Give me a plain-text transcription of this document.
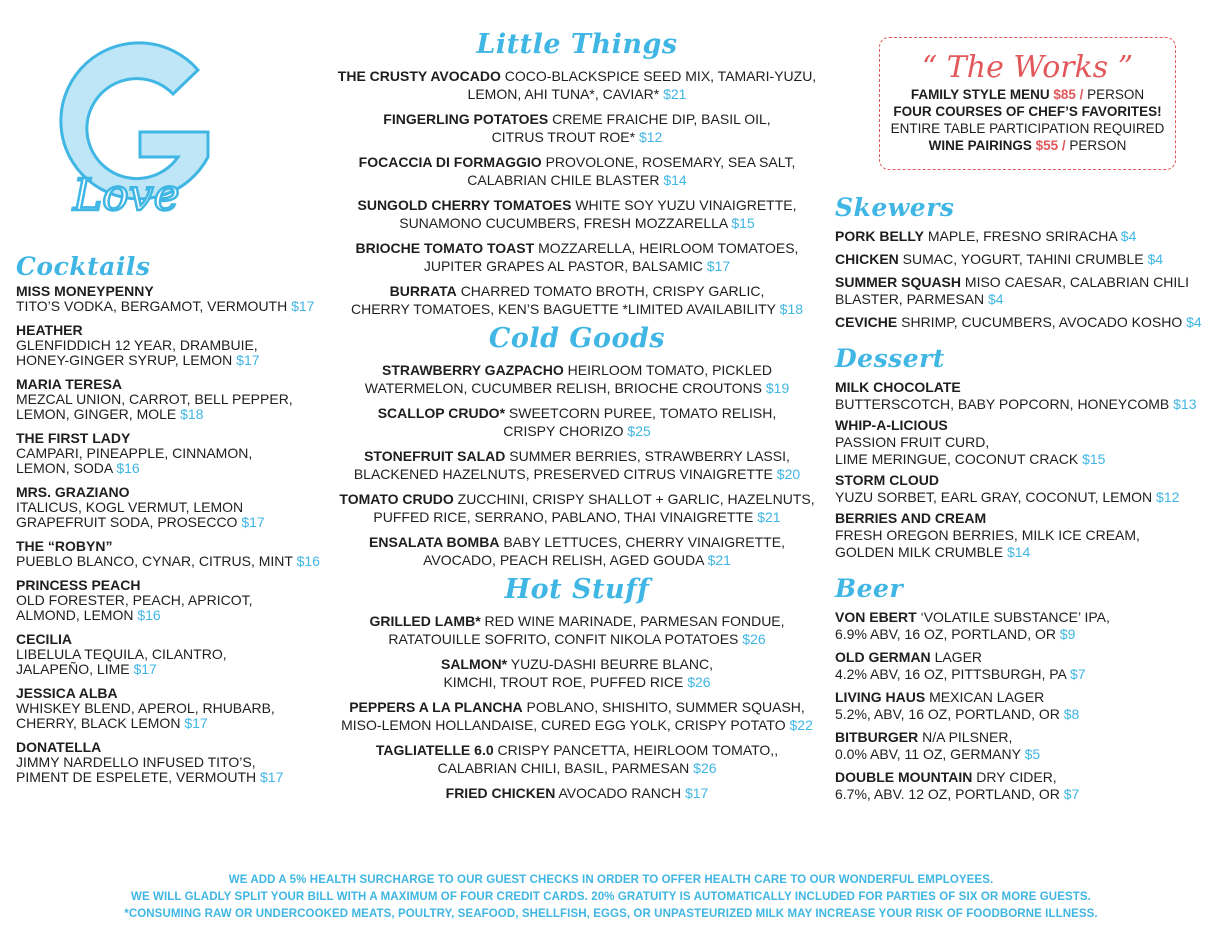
Love
Cocktails
MISS MONEYPENNY
TITO’S VODKA, BERGAMOT, VERMOUTH $17
HEATHER
GLENFIDDICH 12 YEAR, DRAMBUIE,
HONEY-GINGER SYRUP, LEMON $17
MARIA TERESA
MEZCAL UNION, CARROT, BELL PEPPER,
LEMON, GINGER, MOLE $18
THE FIRST LADY
CAMPARI, PINEAPPLE, CINNAMON,
LEMON, SODA $16
MRS. GRAZIANO
ITALICUS, KOGL VERMUT, LEMON
GRAPEFRUIT SODA, PROSECCO $17
THE “ROBYN”
PUEBLO BLANCO, CYNAR, CITRUS, MINT $16
PRINCESS PEACH
OLD FORESTER, PEACH, APRICOT,
ALMOND, LEMON $16
CECILIA
LIBELULA TEQUILA, CILANTRO,
JALAPEÑO, LIME $17
JESSICA ALBA
WHISKEY BLEND, APEROL, RHUBARB,
CHERRY, BLACK LEMON $17
DONATELLA
JIMMY NARDELLO INFUSED TITO’S,
PIMENT DE ESPELETE, VERMOUTH $17
Little Things
THE CRUSTY AVOCADO COCO-BLACKSPICE SEED MIX, TAMARI-YUZU,
LEMON, AHI TUNA*, CAVIAR* $21
FINGERLING POTATOES CREME FRAICHE DIP, BASIL OIL,
CITRUS TROUT ROE* $12
FOCACCIA DI FORMAGGIO PROVOLONE, ROSEMARY, SEA SALT,
CALABRIAN CHILE BLASTER $14
SUNGOLD CHERRY TOMATOES WHITE SOY YUZU VINAIGRETTE,
SUNAMONO CUCUMBERS, FRESH MOZZARELLA $15
BRIOCHE TOMATO TOAST MOZZARELLA, HEIRLOOM TOMATOES,
JUPITER GRAPES AL PASTOR, BALSAMIC $17
BURRATA CHARRED TOMATO BROTH, CRISPY GARLIC,
CHERRY TOMATOES, KEN’S BAGUETTE *LIMITED AVAILABILITY $18
Cold Goods
STRAWBERRY GAZPACHO HEIRLOOM TOMATO, PICKLED
WATERMELON, CUCUMBER RELISH, BRIOCHE CROUTONS $19
SCALLOP CRUDO* SWEETCORN PUREE, TOMATO RELISH,
CRISPY CHORIZO $25
STONEFRUIT SALAD SUMMER BERRIES, STRAWBERRY LASSI,
BLACKENED HAZELNUTS, PRESERVED CITRUS VINAIGRETTE $20
TOMATO CRUDO ZUCCHINI, CRISPY SHALLOT + GARLIC, HAZELNUTS,
PUFFED RICE, SERRANO, PABLANO, THAI VINAIGRETTE $21
ENSALATA BOMBA BABY LETTUCES, CHERRY VINAIGRETTE,
AVOCADO, PEACH RELISH, AGED GOUDA $21
Hot Stuff
GRILLED LAMB* RED WINE MARINADE, PARMESAN FONDUE,
RATATOUILLE SOFRITO, CONFIT NIKOLA POTATOES $26
SALMON* YUZU-DASHI BEURRE BLANC,
KIMCHI, TROUT ROE, PUFFED RICE $26
PEPPERS A LA PLANCHA POBLANO, SHISHITO, SUMMER SQUASH,
MISO-LEMON HOLLANDAISE, CURED EGG YOLK, CRISPY POTATO $22
TAGLIATELLE 6.0 CRISPY PANCETTA, HEIRLOOM TOMATO,,
CALABRIAN CHILI, BASIL, PARMESAN $26
FRIED CHICKEN AVOCADO RANCH $17
“ The Works ”
FAMILY STYLE MENU $85 / PERSON
FOUR COURSES OF CHEF’S FAVORITES!
ENTIRE TABLE PARTICIPATION REQUIRED
WINE PAIRINGS $55 / PERSON
Skewers
PORK BELLY MAPLE, FRESNO SRIRACHA $4
CHICKEN SUMAC, YOGURT, TAHINI CRUMBLE $4
SUMMER SQUASH MISO CAESAR, CALABRIAN CHILI
BLASTER, PARMESAN $4
CEVICHE SHRIMP, CUCUMBERS, AVOCADO KOSHO $4
Dessert
MILK CHOCOLATE
BUTTERSCOTCH, BABY POPCORN, HONEYCOMB $13
WHIP-A-LICIOUS
PASSION FRUIT CURD,
LIME MERINGUE, COCONUT CRACK $15
STORM CLOUD
YUZU SORBET, EARL GRAY, COCONUT, LEMON $12
BERRIES AND CREAM
FRESH OREGON BERRIES, MILK ICE CREAM,
GOLDEN MILK CRUMBLE $14
Beer
VON EBERT ‘VOLATILE SUBSTANCE’ IPA,
6.9% ABV, 16 OZ, PORTLAND, OR $9
OLD GERMAN LAGER
4.2% ABV, 16 OZ, PITTSBURGH, PA $7
LIVING HAUS MEXICAN LAGER
5.2%, ABV, 16 OZ, PORTLAND, OR $8
BITBURGER N/A PILSNER,
0.0% ABV, 11 OZ, GERMANY $5
DOUBLE MOUNTAIN DRY CIDER,
6.7%, ABV. 12 OZ, PORTLAND, OR $7
WE ADD A 5% HEALTH SURCHARGE TO OUR GUEST CHECKS IN ORDER TO OFFER HEALTH CARE TO OUR WONDERFUL EMPLOYEES.
WE WILL GLADLY SPLIT YOUR BILL WITH A MAXIMUM OF FOUR CREDIT CARDS. 20% GRATUITY IS AUTOMATICALLY INCLUDED FOR PARTIES OF SIX OR MORE GUESTS.
*CONSUMING RAW OR UNDERCOOKED MEATS, POULTRY, SEAFOOD, SHELLFISH, EGGS, OR UNPASTEURIZED MILK MAY INCREASE YOUR RISK OF FOODBORNE ILLNESS.
